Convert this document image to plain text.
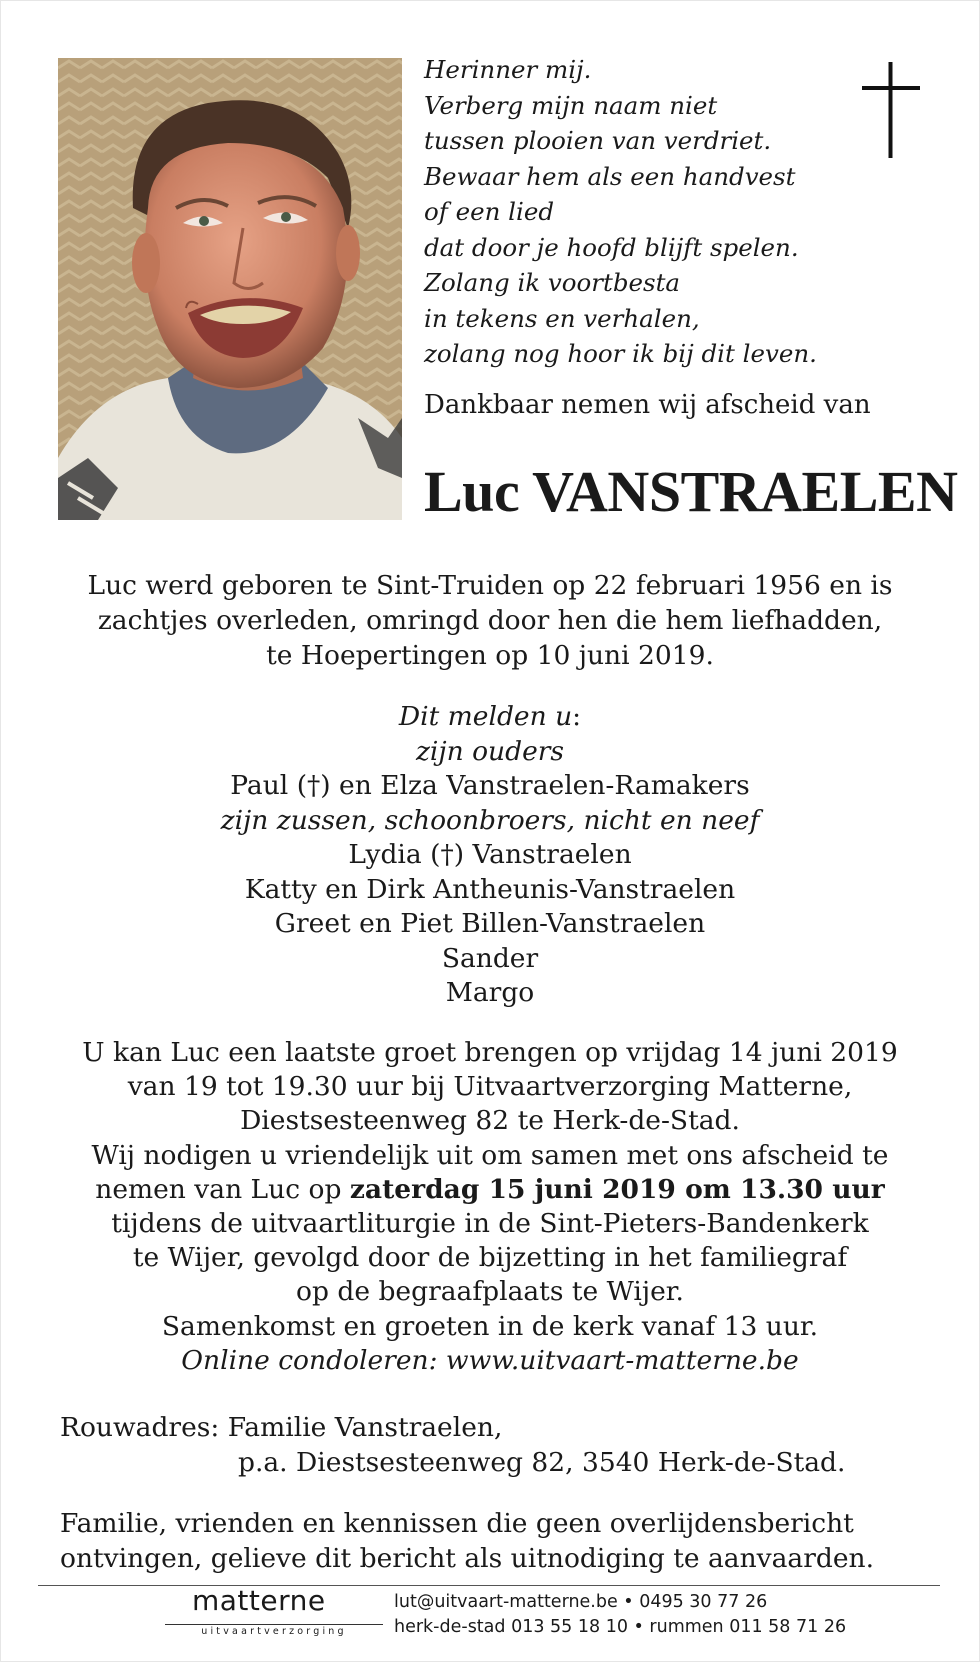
Herinner mij.
Verberg mijn naam niet
tussen plooien van verdriet.
Bewaar hem als een handvest
of een lied
dat door je hoofd blijft spelen.
Zolang ik voortbesta
in tekens en verhalen,
zolang nog hoor ik bij dit leven.
Dankbaar nemen wij afscheid van
Luc VANSTRAELEN
Luc werd geboren te Sint-Truiden op 22 februari 1956 en is
zachtjes overleden, omringd door hen die hem liefhadden,
te Hoepertingen op 10 juni 2019.
Dit melden u:
zijn ouders
Paul (†) en Elza Vanstraelen-Ramakers
zijn zussen, schoonbroers, nicht en neef
Lydia (†) Vanstraelen
Katty en Dirk Antheunis-Vanstraelen
Greet en Piet Billen-Vanstraelen
Sander
Margo
U kan Luc een laatste groet brengen op vrijdag 14 juni 2019
van 19 tot 19.30 uur bij Uitvaartverzorging Matterne,
Diestsesteenweg 82 te Herk-de-Stad.
Wij nodigen u vriendelijk uit om samen met ons afscheid te
nemen van Luc op zaterdag 15 juni 2019 om 13.30 uur
tijdens de uitvaartliturgie in de Sint-Pieters-Bandenkerk
te Wijer, gevolgd door de bijzetting in het familiegraf
op de begraafplaats te Wijer.
Samenkomst en groeten in de kerk vanaf 13 uur.
Online condoleren: www.uitvaart-matterne.be
Rouwadres: Familie Vanstraelen,
p.a. Diestsesteenweg 82, 3540 Herk-de-Stad.
Familie, vrienden en kennissen die geen overlijdensbericht
ontvingen, gelieve dit bericht als uitnodiging te aanvaarden.
matterne
uitvaartverzorging
lut@uitvaart-matterne.be • 0495 30 77 26
herk-de-stad 013 55 18 10 • rummen 011 58 71 26
